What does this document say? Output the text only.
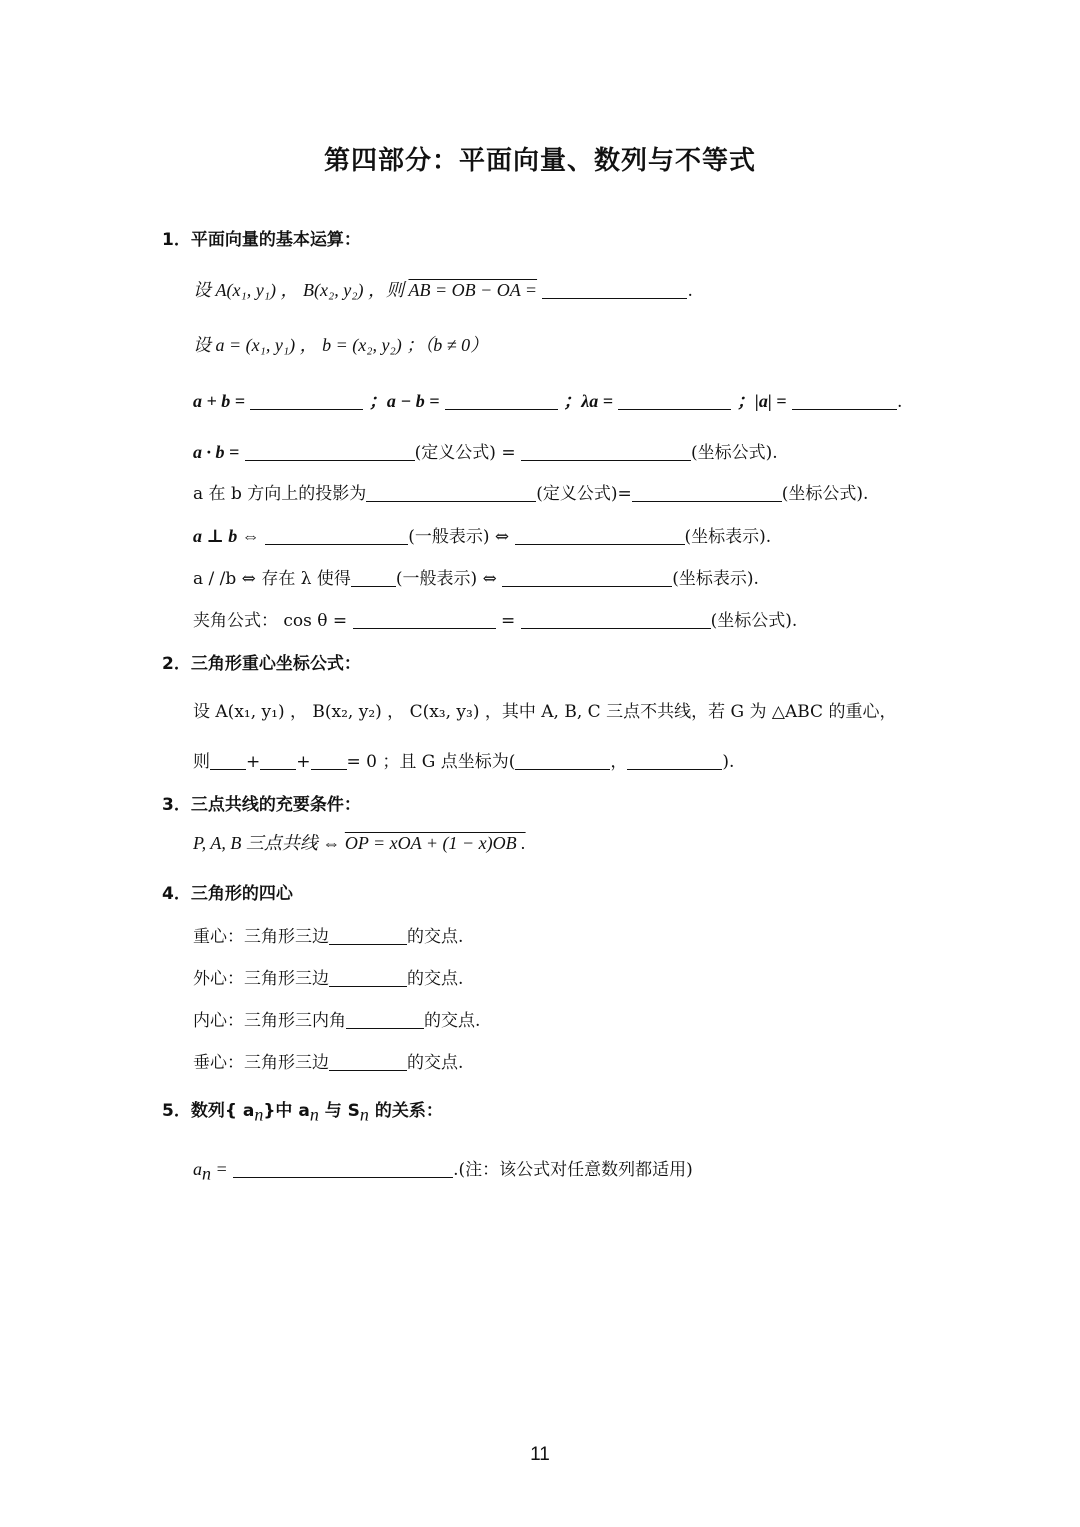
第四部分：平面向量、数列与不等式
1．平面向量的基本运算：
设 A(x₁, y₁) ， B(x₂, y₂) ，则 AB = OB − OA =	.
设 a = (x₁, y₁) ， b = (x₂, y₂) ；（b ≠ 0）
a + b =	；a − b =	；λa =	；|a| =	.
a · b =	(定义公式) =	(坐标公式).
a 在 b 方向上的投影为	(定义公式)=	(坐标公式).
a ⊥ b ⇔	(一般表示) ⇔	(坐标表示).
a / /b ⇔ 存在 λ 使得	(一般表示) ⇔	(坐标表示).
夹角公式： cos θ =	=	(坐标公式).
2．三角形重心坐标公式：
设 A(x₁, y₁) ， B(x₂, y₂) ， C(x₃, y₃) ，其中 A, B, C 三点不共线，若 G 为 △ABC 的重心，
则 + + = 0 ；且 G 点坐标为(	，	).
3．三点共线的充要条件：
P, A, B 三点共线 ⇔ OP = xOA + (1 − x)OB .
4．三角形的四心
重心：三角形三边	的交点.
外心：三角形三边	的交点.
内心：三角形三内角	的交点.
垂心：三角形三边	的交点.
5．数列{ $a_n$}中 $a_n$ 与 $S_n$ 的关系：
$a_n$ =	.(注：该公式对任意数列都适用)
11
